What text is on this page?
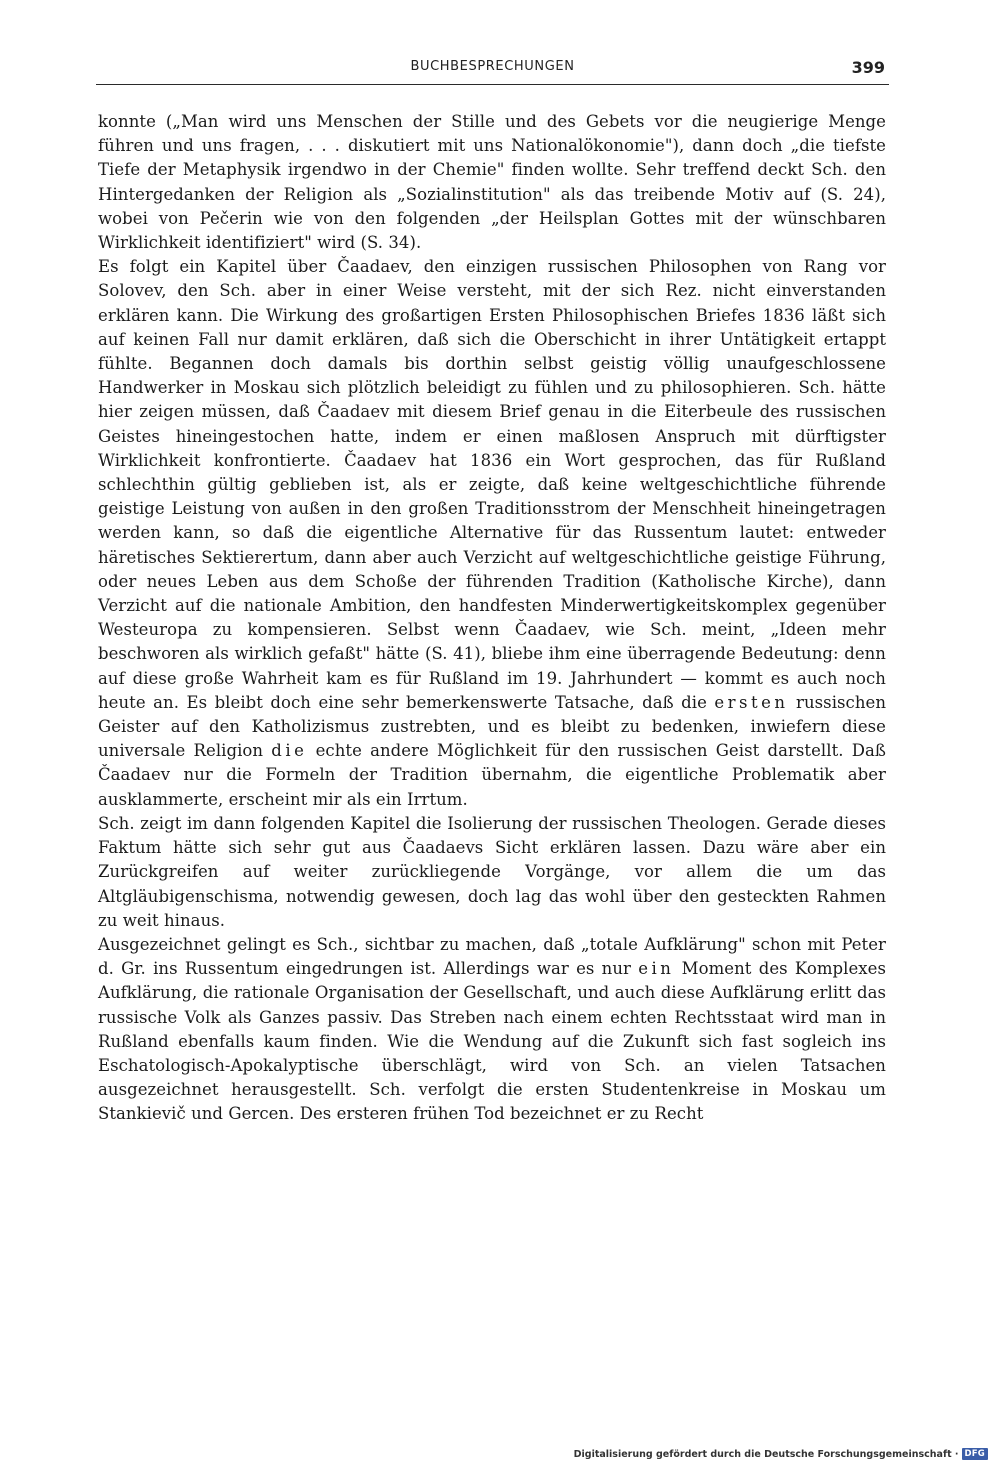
BUCHBESPRECHUNGEN	399

konnte („Man wird uns Menschen der Stille und des Gebets vor die neugierige Menge führen und uns fragen, . . . diskutiert mit uns Nationalökonomie"), dann doch „die tiefste Tiefe der Metaphysik irgendwo in der Chemie" finden wollte. Sehr treffend deckt Sch. den Hintergedanken der Religion als „Sozialinstitution" als das treibende Motiv auf (S. 24), wobei von Pečerin wie von den folgenden „der Heilsplan Gottes mit der wünschbaren Wirklichkeit identifiziert" wird (S. 34).

Es folgt ein Kapitel über Čaadaev, den einzigen russischen Philosophen von Rang vor Solovev, den Sch. aber in einer Weise versteht, mit der sich Rez. nicht einverstanden erklären kann. Die Wirkung des großartigen Ersten Philosophischen Briefes 1836 läßt sich auf keinen Fall nur damit erklären, daß sich die Oberschicht in ihrer Untätigkeit ertappt fühlte. Begannen doch damals bis dorthin selbst geistig völlig unaufgeschlossene Handwerker in Moskau sich plötzlich beleidigt zu fühlen und zu philosophieren. Sch. hätte hier zeigen müssen, daß Čaadaev mit diesem Brief genau in die Eiterbeule des russischen Geistes hineingestochen hatte, indem er einen maßlosen Anspruch mit dürftigster Wirklichkeit konfrontierte. Čaadaev hat 1836 ein Wort gesprochen, das für Rußland schlechthin gültig geblieben ist, als er zeigte, daß keine weltgeschichtliche führende geistige Leistung von außen in den großen Traditionsstrom der Menschheit hineingetragen werden kann, so daß die eigentliche Alternative für das Russentum lautet: entweder häretisches Sektierertum, dann aber auch Verzicht auf weltgeschichtliche geistige Führung, oder neues Leben aus dem Schoße der führenden Tradition (Katholische Kirche), dann Verzicht auf die nationale Ambition, den handfesten Minderwertigkeitskomplex gegenüber Westeuropa zu kompensieren. Selbst wenn Čaadaev, wie Sch. meint, „Ideen mehr beschworen als wirklich gefaßt" hätte (S. 41), bliebe ihm eine überragende Bedeutung: denn auf diese große Wahrheit kam es für Rußland im 19. Jahrhundert — kommt es auch noch heute an. Es bleibt doch eine sehr bemerkenswerte Tatsache, daß die ersten russischen Geister auf den Katholizismus zustrebten, und es bleibt zu bedenken, inwiefern diese universale Religion die echte andere Möglichkeit für den russischen Geist darstellt. Daß Čaadaev nur die Formeln der Tradition übernahm, die eigentliche Problematik aber ausklammerte, erscheint mir als ein Irrtum.

Sch. zeigt im dann folgenden Kapitel die Isolierung der russischen Theologen. Gerade dieses Faktum hätte sich sehr gut aus Čaadaevs Sicht erklären lassen. Dazu wäre aber ein Zurückgreifen auf weiter zurückliegende Vorgänge, vor allem die um das Altgläubigenschisma, notwendig gewesen, doch lag das wohl über den gesteckten Rahmen zu weit hinaus.

Ausgezeichnet gelingt es Sch., sichtbar zu machen, daß „totale Aufklärung" schon mit Peter d. Gr. ins Russentum eingedrungen ist. Allerdings war es nur ein Moment des Komplexes Aufklärung, die rationale Organisation der Gesellschaft, und auch diese Aufklärung erlitt das russische Volk als Ganzes passiv. Das Streben nach einem echten Rechtsstaat wird man in Rußland ebenfalls kaum finden. Wie die Wendung auf die Zukunft sich fast sogleich ins Eschatologisch-Apokalyptische überschlägt, wird von Sch. an vielen Tatsachen ausgezeichnet herausgestellt. Sch. verfolgt die ersten Studentenkreise in Moskau um Stankievič und Gercen. Des ersteren frühen Tod bezeichnet er zu Recht

Digitalisierung gefördert durch die Deutsche Forschungsgemeinschaft · DFG
